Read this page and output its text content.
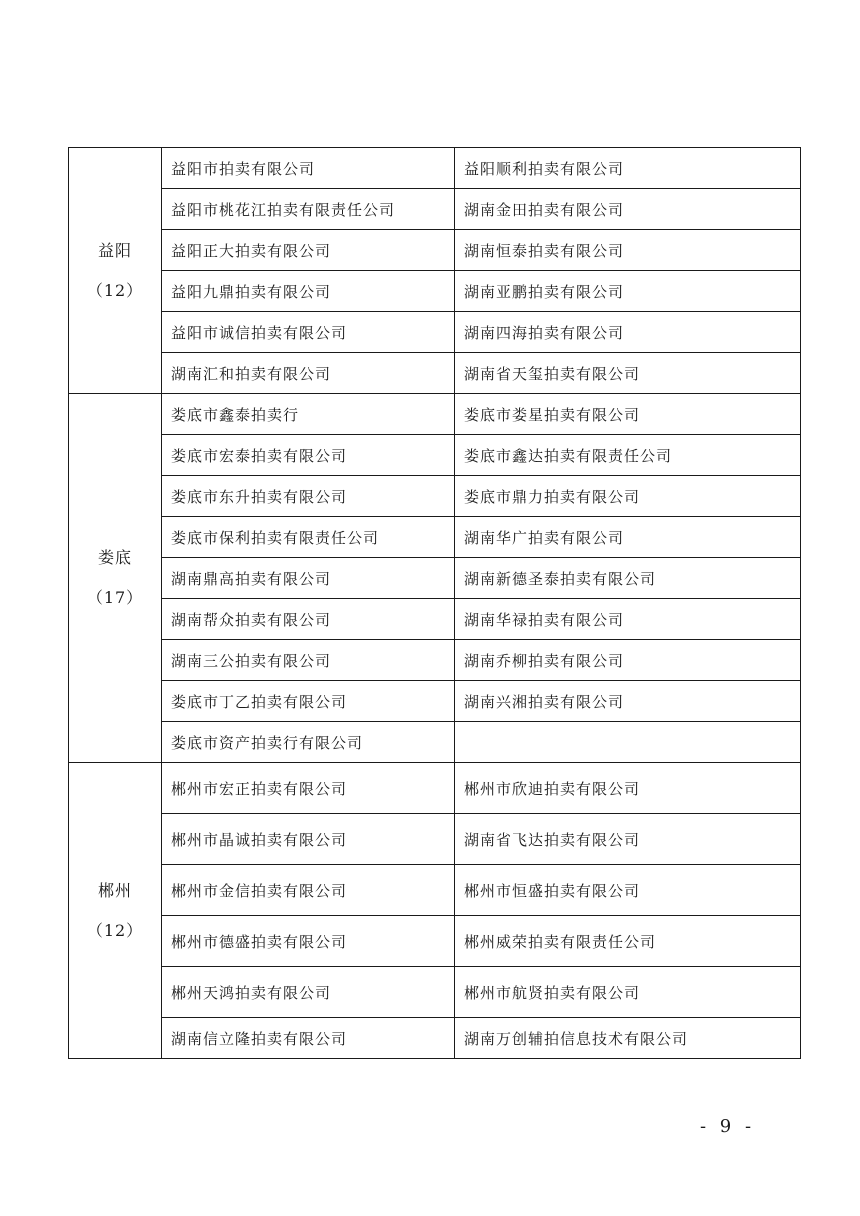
益阳
（12）	益阳市拍卖有限公司	益阳顺利拍卖有限公司
	益阳市桃花江拍卖有限责任公司	湖南金田拍卖有限公司
	益阳正大拍卖有限公司	湖南恒泰拍卖有限公司
	益阳九鼎拍卖有限公司	湖南亚鹏拍卖有限公司
	益阳市诚信拍卖有限公司	湖南四海拍卖有限公司
	湖南汇和拍卖有限公司	湖南省天玺拍卖有限公司

娄底
（17）	娄底市鑫泰拍卖行	娄底市娄星拍卖有限公司
	娄底市宏泰拍卖有限公司	娄底市鑫达拍卖有限责任公司
	娄底市东升拍卖有限公司	娄底市鼎力拍卖有限公司
	娄底市保利拍卖有限责任公司	湖南华广拍卖有限公司
	湖南鼎高拍卖有限公司	湖南新德圣泰拍卖有限公司
	湖南帮众拍卖有限公司	湖南华禄拍卖有限公司
	湖南三公拍卖有限公司	湖南乔柳拍卖有限公司
	娄底市丁乙拍卖有限公司	湖南兴湘拍卖有限公司
	娄底市资产拍卖行有限公司	

郴州
（12）	郴州市宏正拍卖有限公司	郴州市欣迪拍卖有限公司
	郴州市晶诚拍卖有限公司	湖南省飞达拍卖有限公司
	郴州市金信拍卖有限公司	郴州市恒盛拍卖有限公司
	郴州市德盛拍卖有限公司	郴州威荣拍卖有限责任公司
	郴州天鸿拍卖有限公司	郴州市航贤拍卖有限公司
	湖南信立隆拍卖有限公司	湖南万创辅拍信息技术有限公司
- 9 -
